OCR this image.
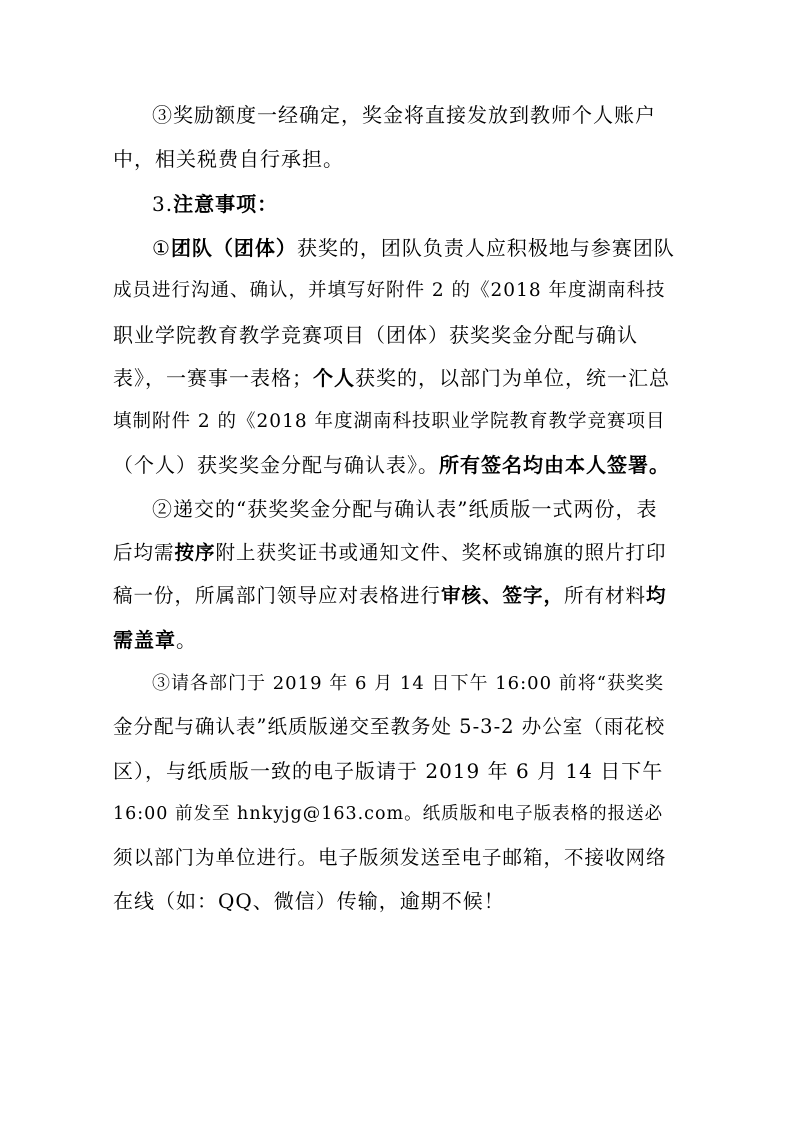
③奖励额度一经确定，奖金将直接发放到教师个人账户
中，相关税费自行承担。
3.注意事项：
①团队（团体）获奖的，团队负责人应积极地与参赛团队
成员进行沟通、确认，并填写好附件 2 的《2018 年度湖南科技
职业学院教育教学竞赛项目（团体）获奖奖金分配与确认
表》，一赛事一表格；个人获奖的，以部门为单位，统一汇总
填制附件 2 的《2018 年度湖南科技职业学院教育教学竞赛项目
（个人）获奖奖金分配与确认表》。所有签名均由本人签署。
②递交的“获奖奖金分配与确认表”纸质版一式两份，表
后均需按序附上获奖证书或通知文件、奖杯或锦旗的照片打印
稿一份，所属部门领导应对表格进行审核、签字，所有材料均
需盖章。
③请各部门于 2019 年 6 月 14 日下午 16:00 前将“获奖奖
金分配与确认表”纸质版递交至教务处 5-3-2 办公室（雨花校
区），与纸质版一致的电子版请于 2019 年 6 月 14 日下午
16:00 前发至 hnkyjg@163.com。纸质版和电子版表格的报送必
须以部门为单位进行。电子版须发送至电子邮箱，不接收网络
在线（如：QQ、微信）传输，逾期不候！
